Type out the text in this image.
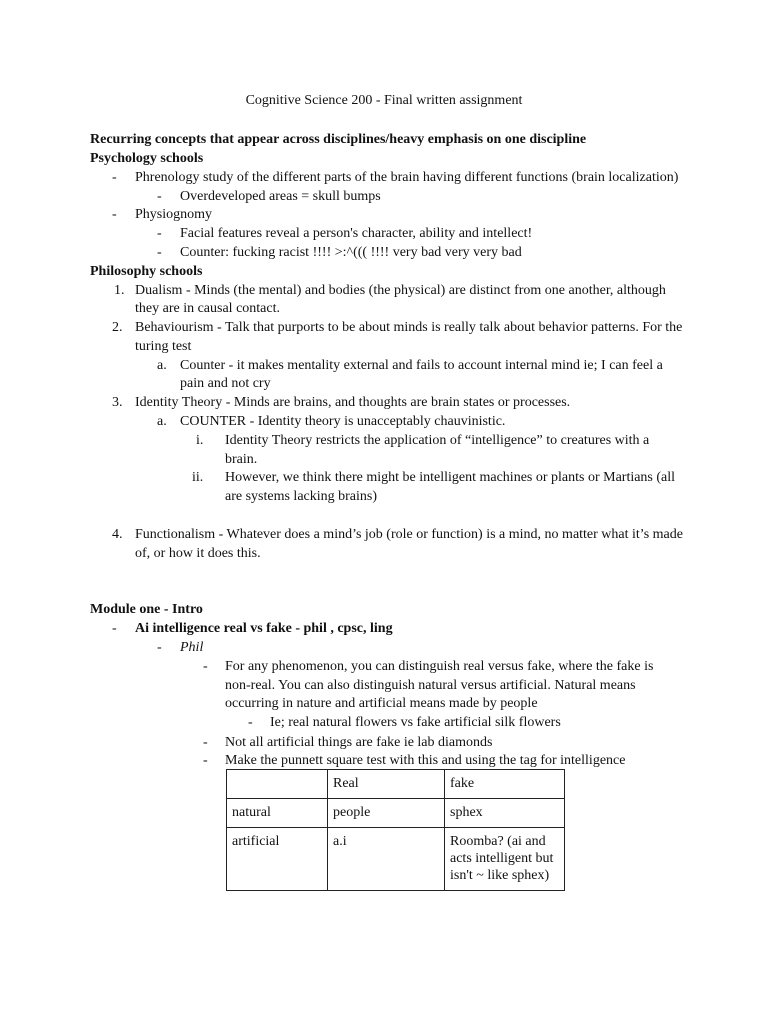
Cognitive Science 200 - Final written assignment
Recurring concepts that appear across disciplines/heavy emphasis on one discipline
Psychology schools
- Phrenology study of the different parts of the brain having different functions (brain localization)
- Overdeveloped areas = skull bumps
- Physiognomy
- Facial features reveal a person's character, ability and intellect!
- Counter: fucking racist !!!! >:^((( !!!! very bad very very bad
Philosophy schools
1. Dualism - Minds (the mental) and bodies (the physical) are distinct from one another, although
they are in causal contact.
2. Behaviourism - Talk that purports to be about minds is really talk about behavior patterns. For the
turing test
a. Counter - it makes mentality external and fails to account internal mind ie; I can feel a
pain and not cry
3. Identity Theory - Minds are brains, and thoughts are brain states or processes.
a. COUNTER - Identity theory is unacceptably chauvinistic.
i. Identity Theory restricts the application of “intelligence” to creatures with a
brain.
ii. However, we think there might be intelligent machines or plants or Martians (all
are systems lacking brains)
4. Functionalism - Whatever does a mind’s job (role or function) is a mind, no matter what it’s made
of, or how it does this.
Module one - Intro
- Ai intelligence real vs fake - phil , cpsc, ling
- Phil
- For any phenomenon, you can distinguish real versus fake, where the fake is
non-real. You can also distinguish natural versus artificial. Natural means
occurring in nature and artificial means made by people
- Ie; real natural flowers vs fake artificial silk flowers
- Not all artificial things are fake ie lab diamonds
- Make the punnett square test with this and using the tag for intelligence
	Real	fake
natural	people	sphex
artificial	a.i	Roomba? (ai and acts intelligent but isn't ~ like sphex)
